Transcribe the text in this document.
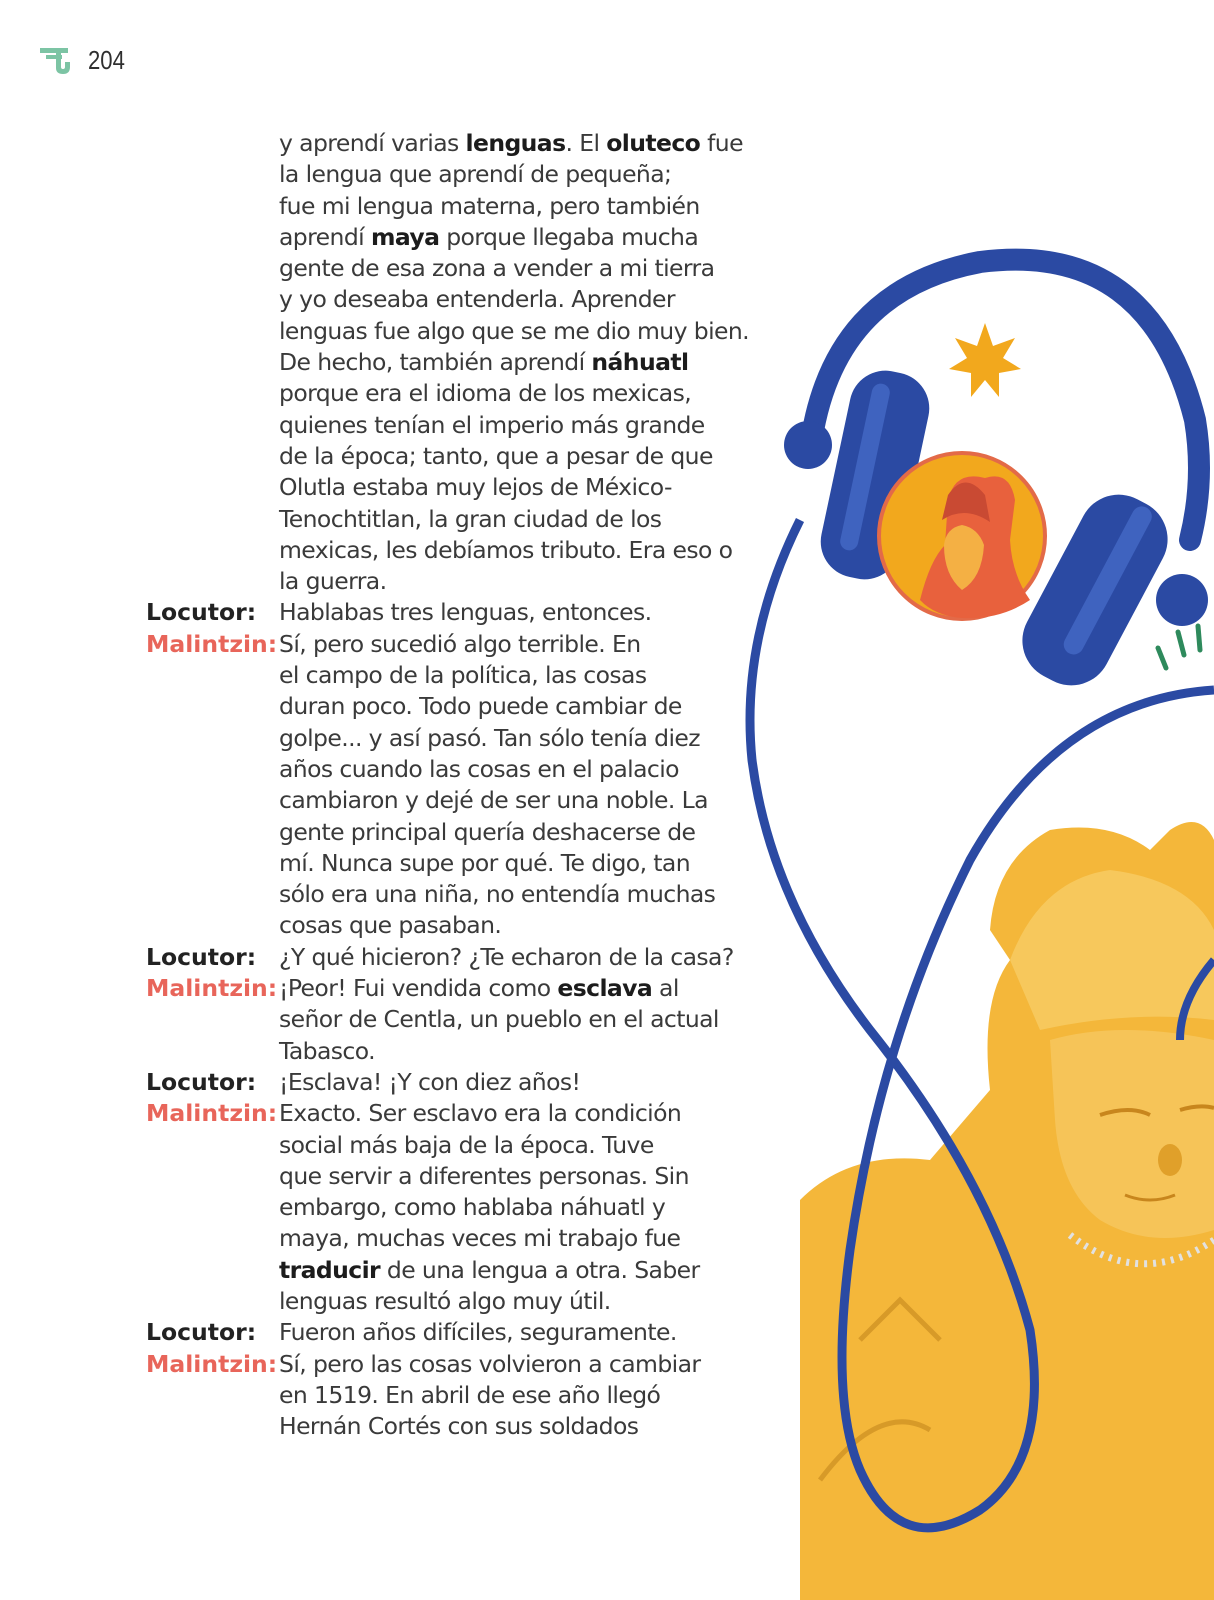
204
y aprendí varias lenguas. El oluteco fue
la lengua que aprendí de pequeña;
fue mi lengua materna, pero también
aprendí maya porque llegaba mucha
gente de esa zona a vender a mi tierra
y yo deseaba entenderla. Aprender
lenguas fue algo que se me dio muy bien.
De hecho, también aprendí náhuatl
porque era el idioma de los mexicas,
quienes tenían el imperio más grande
de la época; tanto, que a pesar de que
Olutla estaba muy lejos de México-
Tenochtitlan, la gran ciudad de los
mexicas, les debíamos tributo. Era eso o
la guerra.
Locutor: Hablabas tres lenguas, entonces.
Malintzin: Sí, pero sucedió algo terrible. En
el campo de la política, las cosas
duran poco. Todo puede cambiar de
golpe... y así pasó. Tan sólo tenía diez
años cuando las cosas en el palacio
cambiaron y dejé de ser una noble. La
gente principal quería deshacerse de
mí. Nunca supe por qué. Te digo, tan
sólo era una niña, no entendía muchas
cosas que pasaban.
Locutor: ¿Y qué hicieron? ¿Te echaron de la casa?
Malintzin: ¡Peor! Fui vendida como esclava al
señor de Centla, un pueblo en el actual
Tabasco.
Locutor: ¡Esclava! ¡Y con diez años!
Malintzin: Exacto. Ser esclavo era la condición
social más baja de la época. Tuve
que servir a diferentes personas. Sin
embargo, como hablaba náhuatl y
maya, muchas veces mi trabajo fue
traducir de una lengua a otra. Saber
lenguas resultó algo muy útil.
Locutor: Fueron años difíciles, seguramente.
Malintzin: Sí, pero las cosas volvieron a cambiar
en 1519. En abril de ese año llegó
Hernán Cortés con sus soldados
